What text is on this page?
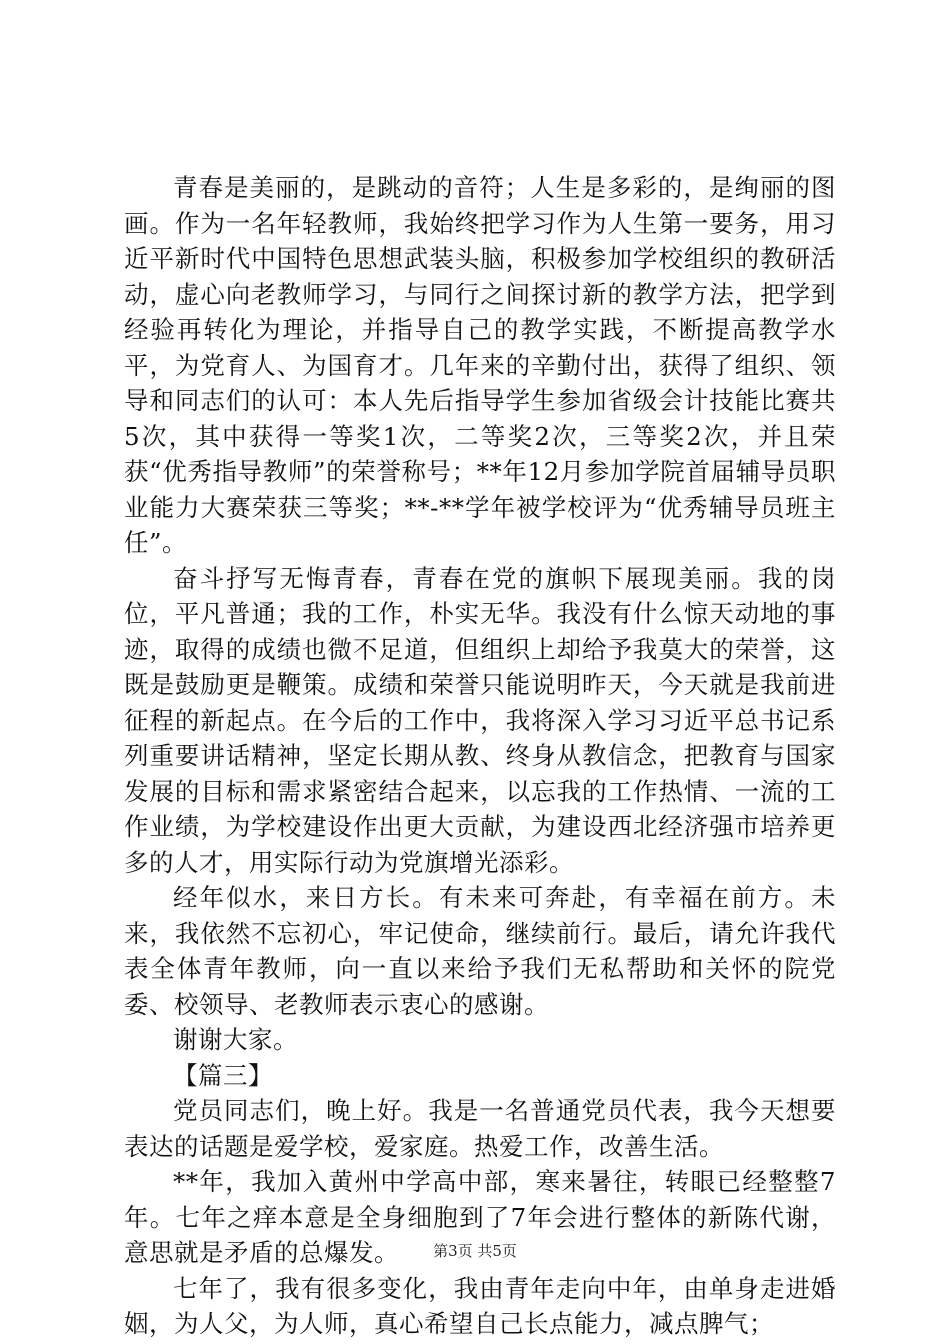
青春是美丽的，是跳动的音符；人生是多彩的，是绚丽的图画。作为一名年轻教师，我始终把学习作为人生第一要务，用习近平新时代中国特色思想武装头脑，积极参加学校组织的教研活动，虚心向老教师学习，与同行之间探讨新的教学方法，把学到经验再转化为理论，并指导自己的教学实践，不断提高教学水平，为党育人、为国育才。几年来的辛勤付出，获得了组织、领导和同志们的认可：本人先后指导学生参加省级会计技能比赛共5次，其中获得一等奖1次，二等奖2次，三等奖2次，并且荣获“优秀指导教师”的荣誉称号；**年12月参加学院首届辅导员职业能力大赛荣获三等奖；**-**学年被学校评为“优秀辅导员班主任”。

奋斗抒写无悔青春，青春在党的旗帜下展现美丽。我的岗位，平凡普通；我的工作，朴实无华。我没有什么惊天动地的事迹，取得的成绩也微不足道，但组织上却给予我莫大的荣誉，这既是鼓励更是鞭策。成绩和荣誉只能说明昨天，今天就是我前进征程的新起点。在今后的工作中，我将深入学习习近平总书记系列重要讲话精神，坚定长期从教、终身从教信念，把教育与国家发展的目标和需求紧密结合起来，以忘我的工作热情、一流的工作业绩，为学校建设作出更大贡献，为建设西北经济强市培养更多的人才，用实际行动为党旗增光添彩。

经年似水，来日方长。有未来可奔赴，有幸福在前方。未来，我依然不忘初心，牢记使命，继续前行。最后，请允许我代表全体青年教师，向一直以来给予我们无私帮助和关怀的院党委、校领导、老教师表示衷心的感谢。

谢谢大家。

【篇三】

党员同志们，晚上好。我是一名普通党员代表，我今天想要表达的话题是爱学校，爱家庭。热爱工作，改善生活。

**年，我加入黄州中学高中部，寒来暑往，转眼已经整整7年。七年之痒本意是全身细胞到了7年会进行整体的新陈代谢，意思就是矛盾的总爆发。

七年了，我有很多变化，我由青年走向中年，由单身走进婚姻，为人父，为人师，真心希望自己长点能力，减点脾气；

第3页 共5页
